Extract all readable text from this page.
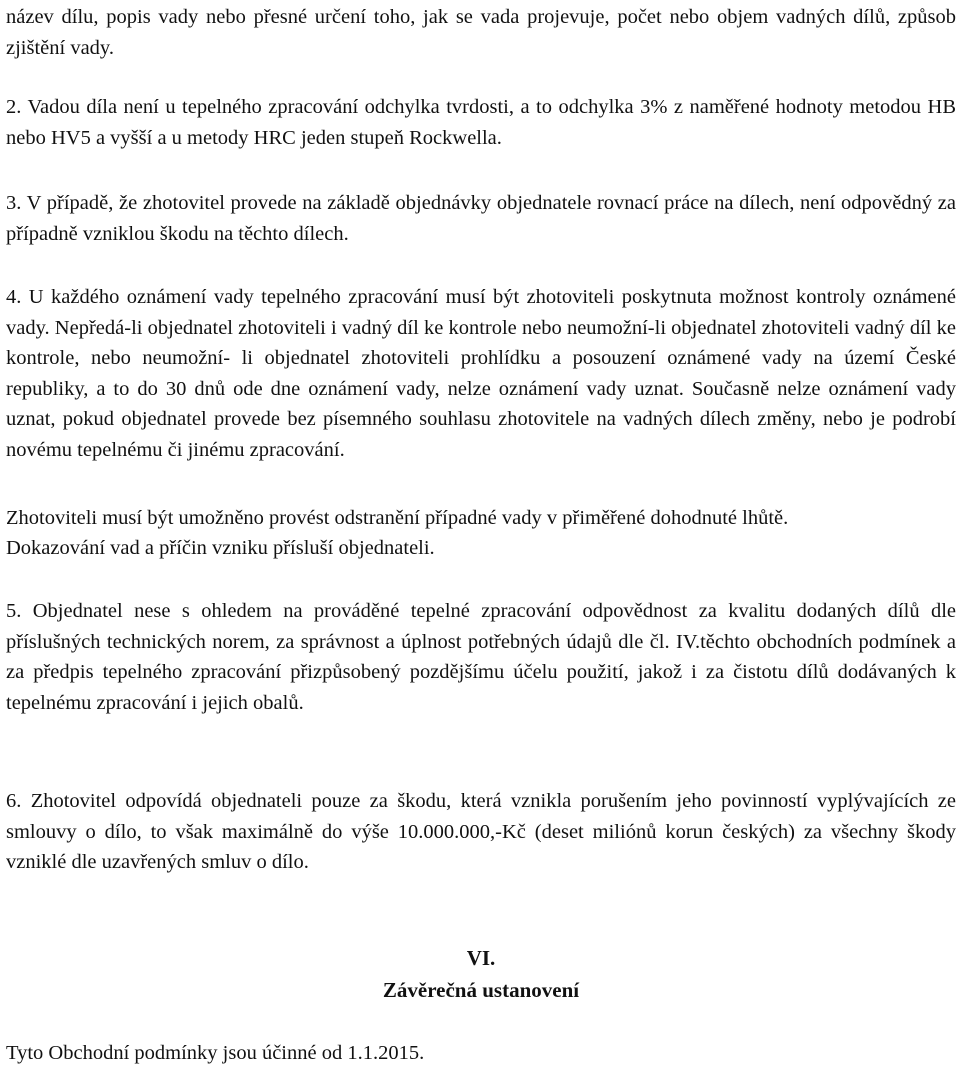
název dílu, popis vady nebo přesné určení toho, jak se vada projevuje, počet nebo objem vadných dílů, způsob zjištění vady.

2. Vadou díla není u tepelného zpracování odchylka tvrdosti, a to odchylka 3% z naměřené hodnoty metodou HB nebo HV5 a vyšší a u metody HRC jeden stupeň Rockwella.

3. V případě, že zhotovitel provede na základě objednávky objednatele rovnací práce na dílech, není odpovědný za případně vzniklou škodu na těchto dílech.

4. U každého oznámení vady tepelného zpracování musí být zhotoviteli poskytnuta možnost kontroly oznámené vady. Nepředá-li objednatel zhotoviteli i vadný díl ke kontrole nebo neumožní-li objednatel zhotoviteli vadný díl ke kontrole, nebo neumožní- li objednatel zhotoviteli prohlídku a posouzení oznámené vady na území České republiky, a to do 30 dnů ode dne oznámení vady, nelze oznámení vady uznat. Současně nelze oznámení vady uznat, pokud objednatel provede bez písemného souhlasu zhotovitele na vadných dílech změny, nebo je podrobí novému tepelnému či jinému zpracování.

Zhotoviteli musí být umožněno provést odstranění případné vady v přiměřené dohodnuté lhůtě.

Dokazování vad a příčin vzniku přísluší objednateli.

5. Objednatel nese s ohledem na prováděné tepelné zpracování odpovědnost za kvalitu dodaných dílů dle příslušných technických norem, za správnost a úplnost potřebných údajů dle čl. IV.těchto obchodních podmínek a za předpis tepelného zpracování přizpůsobený pozdějšímu účelu použití, jakož i za čistotu dílů dodávaných k tepelnému zpracování i jejich obalů.

6. Zhotovitel odpovídá objednateli pouze za škodu, která vznikla porušením jeho povinností vyplývajících ze smlouvy o dílo, to však maximálně do výše 10.000.000,-Kč (deset miliónů korun českých) za všechny škody vzniklé dle uzavřených smluv o dílo.

VI.

Závěrečná ustanovení

Tyto Obchodní podmínky jsou účinné od 1.1.2015.
